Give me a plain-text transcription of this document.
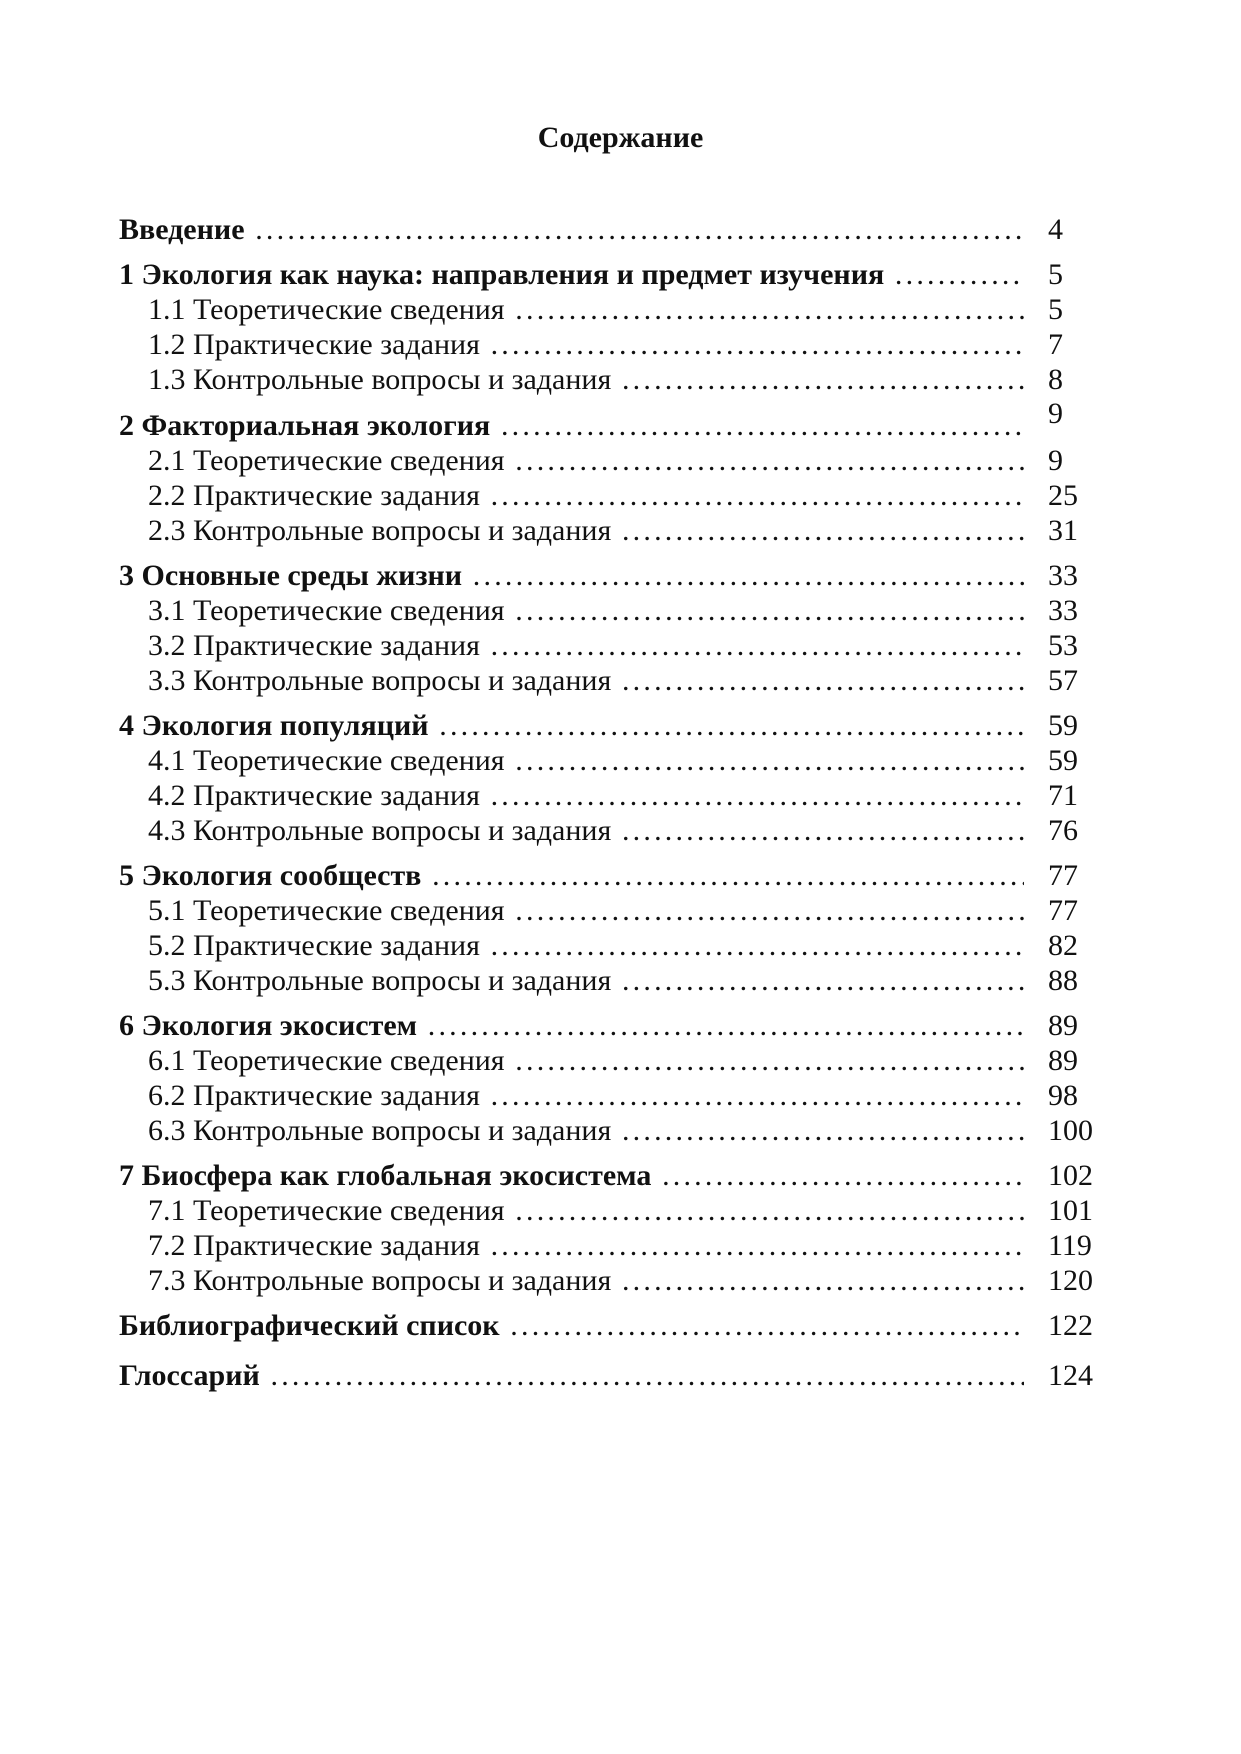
Содержание
Введение .....	4
1 Экология как наука: направления и предмет изучения .....	5
1.1 Теоретические сведения .....	5
1.2 Практические задания .....	7
1.3 Контрольные вопросы и задания .....	8
2 Факториальная экология .....	9
2.1 Теоретические сведения .....	9
2.2 Практические задания .....	25
2.3 Контрольные вопросы и задания .....	31
3 Основные среды жизни .....	33
3.1 Теоретические сведения .....	33
3.2 Практические задания .....	53
3.3 Контрольные вопросы и задания .....	57
4 Экология популяций .....	59
4.1 Теоретические сведения .....	59
4.2 Практические задания .....	71
4.3 Контрольные вопросы и задания .....	76
5 Экология сообществ .....	77
5.1 Теоретические сведения .....	77
5.2 Практические задания .....	82
5.3 Контрольные вопросы и задания .....	88
6 Экология экосистем .....	89
6.1 Теоретические сведения .....	89
6.2 Практические задания .....	98
6.3 Контрольные вопросы и задания .....	100
7 Биосфера как глобальная экосистема .....	102
7.1 Теоретические сведения .....	101
7.2 Практические задания .....	119
7.3 Контрольные вопросы и задания .....	120
Библиографический список .....	122
Глоссарий .....	124
